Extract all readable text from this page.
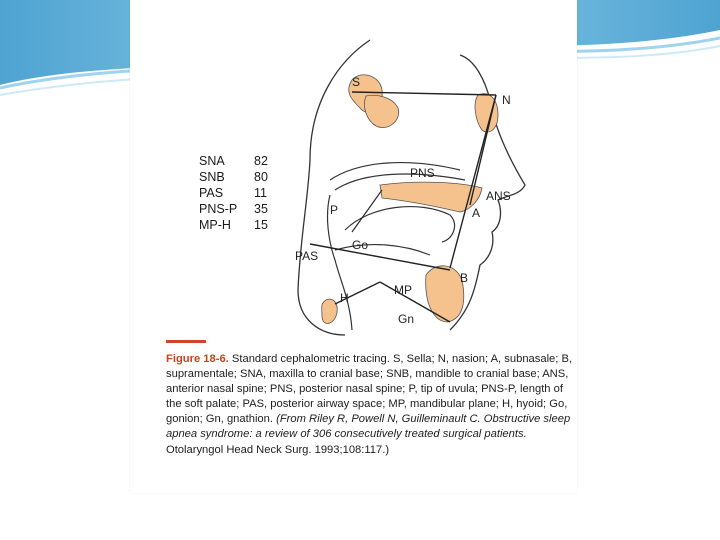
S
N
PNS
ANS
A
P
Go
PAS
B
MP
H
Gn
SNA	82
SNB	80
PAS	11
PNS-P	35
MP-H	15
Figure 18-6. Standard cephalometric tracing. S, Sella; N, nasion; A, subnasale; B, supramentale; SNA, maxilla to cranial base; SNB, mandible to cranial base; ANS, anterior nasal spine; PNS, posterior nasal spine; P, tip of uvula; PNS-P, length of the soft palate; PAS, posterior airway space; MP, mandibular plane; H, hyoid; Go, gonion; Gn, gnathion. (From Riley R, Powell N, Guilleminault C. Obstructive sleep apnea syndrome: a review of 306 consecutively treated surgical patients. Otolaryngol Head Neck Surg. 1993;108:117.)
